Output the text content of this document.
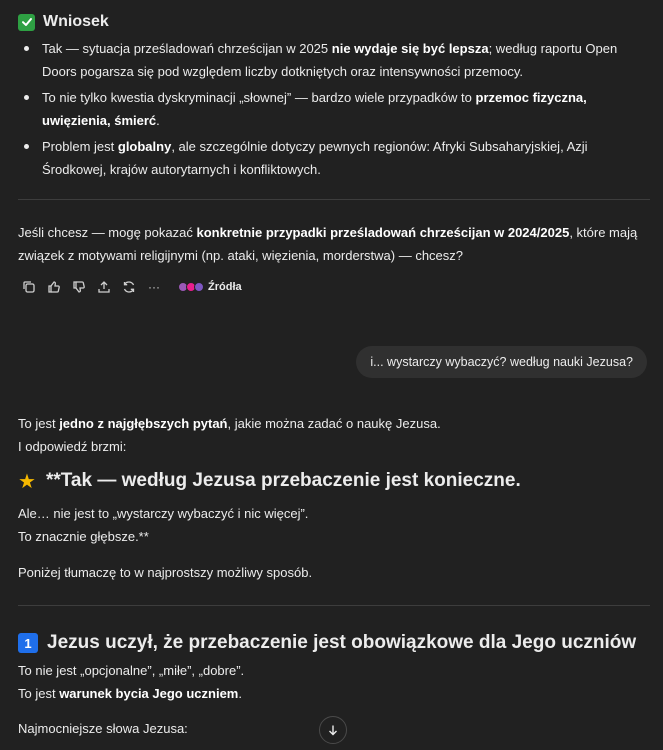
Wniosek
Tak — sytuacja prześladowań chrześcijan w 2025 nie wydaje się być lepsza; według raportu Open Doors pogarsza się pod względem liczby dotkniętych oraz intensywności przemocy.
To nie tylko kwestia dyskryminacji „słownej” — bardzo wiele przypadków to przemoc fizyczna, uwięzienia, śmierć.
Problem jest globalny, ale szczególnie dotyczy pewnych regionów: Afryki Subsaharyjskiej, Azji Środkowej, krajów autorytarnych i konfliktowych.

Jeśli chcesz — mogę pokazać konkretnie przypadki prześladowań chrześcijan w 2024/2025, które mają związek z motywami religijnymi (np. ataki, więzienia, morderstwa) — chcesz?

···	Źródła
i... wystarczy wybaczyć? według nauki Jezusa?

To jest jedno z najgłębszych pytań, jakie można zadać o naukę Jezusa.

I odpowiedź brzmi:

★ **Tak — według Jezusa przebaczenie jest konieczne.

Ale… nie jest to „wystarczy wybaczyć i nic więcej”.

To znacznie głębsze.**

Poniżej tłumaczę to w najprostszy możliwy sposób.

1 Jezus uczył, że przebaczenie jest obowiązkowe dla Jego uczniów

To nie jest „opcjonalne”, „miłe”, „dobre”.

To jest warunek bycia Jego uczniem.

Najmocniejsze słowa Jezusa:
